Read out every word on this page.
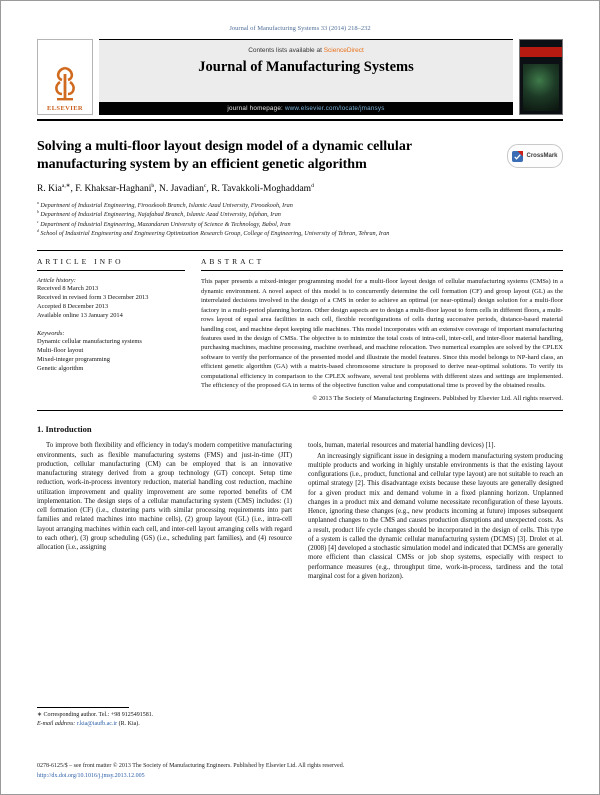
Journal of Manufacturing Systems 33 (2014) 218–232
ELSEVIER
Contents lists available at ScienceDirect
Journal of Manufacturing Systems
journal homepage: www.elsevier.com/locate/jmansys
Solving a multi-floor layout design model of a dynamic cellular manufacturing system by an efficient genetic algorithm
CrossMark
R. Kia$^{a,∗}$ , F. Khaksar-Haghani$^b$ , N. Javadian$^c$ , R. Tavakkoli-Moghaddam$^d$
$^a$ Department of Industrial Engineering, Firoozkooh Branch, Islamic Azad University, Firoozkooh, Iran
$^b$ Department of Industrial Engineering, Najafabad Branch, Islamic Azad University, Isfahan, Iran
$^c$ Department of Industrial Engineering, Mazandaran University of Science & Technology, Babol, Iran
$^d$ School of Industrial Engineering and Engineering Optimization Research Group, College of Engineering, University of Tehran, Tehran, Iran
ARTICLE INFO
Article history:
Received 8 March 2013
Received in revised form 3 December 2013
Accepted 8 December 2013
Available online 13 January 2014
Keywords:
Dynamic cellular manufacturing systems
Multi-floor layout
Mixed-integer programming
Genetic algorithm
ABSTRACT
This paper presents a mixed-integer programming model for a multi-floor layout design of cellular manufacturing systems (CMSs) in a dynamic environment. A novel aspect of this model is to concurrently determine the cell formation (CF) and group layout (GL) as the interrelated decisions involved in the design of a CMS in order to achieve an optimal (or near-optimal) design solution for a multi-floor factory in a multi-period planning horizon. Other design aspects are to design a multi-floor layout to form cells in different floors, a multi-rows layout of equal area facilities in each cell, flexible reconfigurations of cells during successive periods, distance-based material handling cost, and machine depot keeping idle machines. This model incorporates with an extensive coverage of important manufacturing features used in the design of CMSs. The objective is to minimize the total costs of intra-cell, inter-cell, and inter-floor material handling, purchasing machines, machine processing, machine overhead, and machine relocation. Two numerical examples are solved by the CPLEX software to verify the performance of the presented model and illustrate the model features. Since this model belongs to NP-hard class, an efficient genetic algorithm (GA) with a matrix-based chromosome structure is proposed to derive near-optimal solutions. To verify its computational efficiency in comparison to the CPLEX software, several test problems with different sizes and settings are implemented. The efficiency of the proposed GA in terms of the objective function value and computational time is proved by the obtained results.
© 2013 The Society of Manufacturing Engineers. Published by Elsevier Ltd. All rights reserved.
1. Introduction

To improve both flexibility and efficiency in today's modern competitive manufacturing environments, such as flexible manufacturing systems (FMS) and just-in-time (JIT) production, cellular manufacturing (CM) can be employed that is an innovative manufacturing strategy derived from a group technology (GT) concept. Setup time reduction, work-in-process inventory reduction, material handling cost reduction, machine utilization improvement and quality improvement are some reported benefits of CM implementation. The design steps of a cellular manufacturing system (CMS) includes: (1) cell formation (CF) (i.e., clustering parts with similar processing requirements into part families and related machines into machine cells), (2) group layout (GL) (i.e., intra-cell layout arranging machines within each cell, and inter-cell layout arranging cells with regard to each other), (3) group scheduling (GS) (i.e., scheduling part families), and (4) resource allocation (i.e., assigning

∗ Corresponding author. Tel.: +98 9125491581.
E-mail address: r.kia@iaufb.ac.ir (R. Kia).

tools, human, material resources and material handling devices) [1].

An increasingly significant issue in designing a modern manufacturing system producing multiple products and working in highly unstable environments is that the existing layout configurations (i.e., product, functional and cellular type layout) are not suitable to reach an optimal strategy [2]. This disadvantage exists because these layouts are generally designed for a given product mix and demand volume in a fixed planning horizon. Unplanned changes in a product mix and demand volume necessitate reconfiguration of these layouts. Hence, ignoring these changes (e.g., new products incoming at future) imposes subsequent unplanned changes to the CMS and causes production disruptions and unexpected costs. As a result, product life cycle changes should be incorporated in the design of cells. This type of a system is called the dynamic cellular manufacturing system (DCMS) [3]. Drolet et al. (2008) [4] developed a stochastic simulation model and indicated that DCMSs are generally more efficient than classical CMSs or job shop systems, especially with respect to performance measures (e.g., throughput time, work-in-process, tardiness and the total marginal cost for a given horizon).

0278-6125/$ – see front matter © 2013 The Society of Manufacturing Engineers. Published by Elsevier Ltd. All rights reserved.
http://dx.doi.org/10.1016/j.jmsy.2013.12.005
